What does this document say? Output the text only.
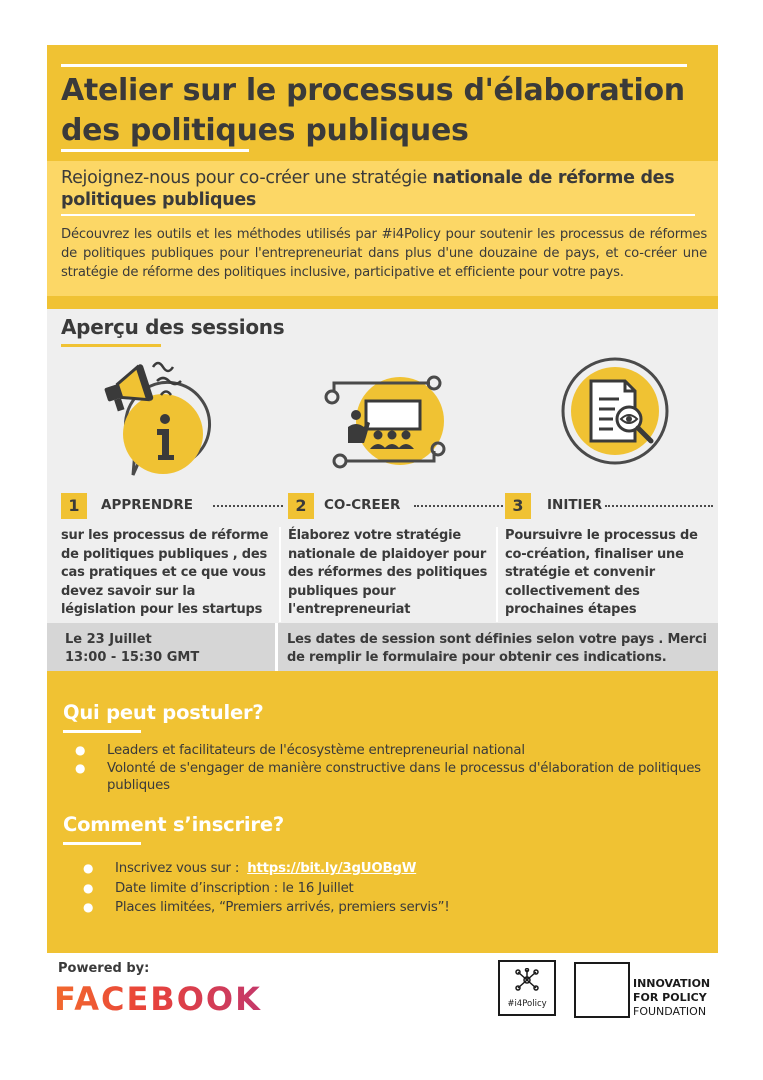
Atelier sur le processus d'élaboration
des politiques publiques

Rejoignez-nous pour co-créer une stratégie nationale de réforme des politiques publiques

Découvrez les outils et les méthodes utilisés par #i4Policy pour soutenir les processus de réformes de politiques publiques pour l'entrepreneuriat dans plus d'une douzaine de pays, et co-créer une stratégie de réforme des politiques inclusive, participative et efficiente pour votre pays.

Aperçu des sessions
1	APPRENDRE	2	CO-CREER	3	INITIER

sur les processus de réforme de politiques publiques , des cas pratiques et ce que vous devez savoir sur la législation pour les startups

Élaborez votre stratégie nationale de plaidoyer pour des réformes des politiques publiques pour l'entrepreneuriat

Poursuivre le processus de co-création, finaliser une stratégie et convenir collectivement des prochaines étapes

Le 23 Juillet
13:00 - 15:30 GMT

Les dates de session sont définies selon votre pays . Merci de remplir le formulaire pour obtenir ces indications.

Qui peut postuler?
● Leaders et facilitateurs de l'écosystème entrepreneurial national
● Volonté de s'engager de manière constructive dans le processus d'élaboration de politiques publiques
Comment s’inscrire?
● Inscrivez vous sur : https://bit.ly/3gUOBgW
● Date limite d’inscription : le 16 Juillet
● Places limitées, “Premiers arrivés, premiers servis”!

Powered by:

FACEBOOK	#i4Policy

INNOVATION
FOR POLICY
FOUNDATION
